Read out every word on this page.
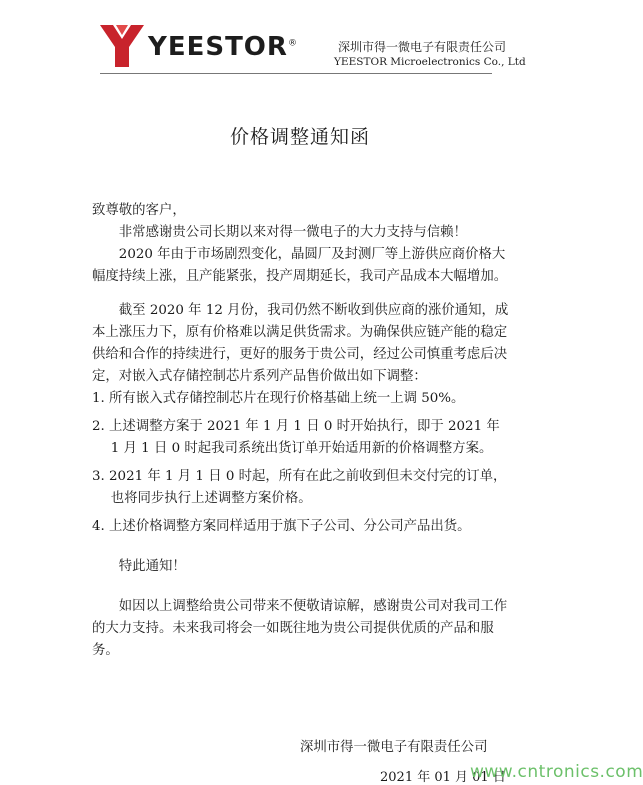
YEESTOR®	深圳市得一微电子有限责任公司
YEESTOR Microelectronics Co., Ltd
价格调整通知函

致尊敬的客户，

非常感谢贵公司长期以来对得一微电子的大力支持与信赖！

2020 年由于市场剧烈变化，晶圆厂及封测厂等上游供应商价格大幅度持续上涨，且产能紧张，投产周期延长，我司产品成本大幅增加。

截至 2020 年 12 月份，我司仍然不断收到供应商的涨价通知，成本上涨压力下，原有价格难以满足供货需求。为确保供应链产能的稳定供给和合作的持续进行，更好的服务于贵公司，经过公司慎重考虑后决定，对嵌入式存储控制芯片系列产品售价做出如下调整：

1. 所有嵌入式存储控制芯片在现行价格基础上统一上调 50%。

2. 上述调整方案于 2021 年 1 月 1 日 0 时开始执行，即于 2021 年 1 月 1 日 0 时起我司系统出货订单开始适用新的价格调整方案。

3. 2021 年 1 月 1 日 0 时起，所有在此之前收到但未交付完的订单，也将同步执行上述调整方案价格。

4. 上述价格调整方案同样适用于旗下子公司、分公司产品出货。

特此通知！

如因以上调整给贵公司带来不便敬请谅解，感谢贵公司对我司工作的大力支持。未来我司将会一如既往地为贵公司提供优质的产品和服务。

深圳市得一微电子有限责任公司
2021 年 01 月 01 日
www.cntronics.com
